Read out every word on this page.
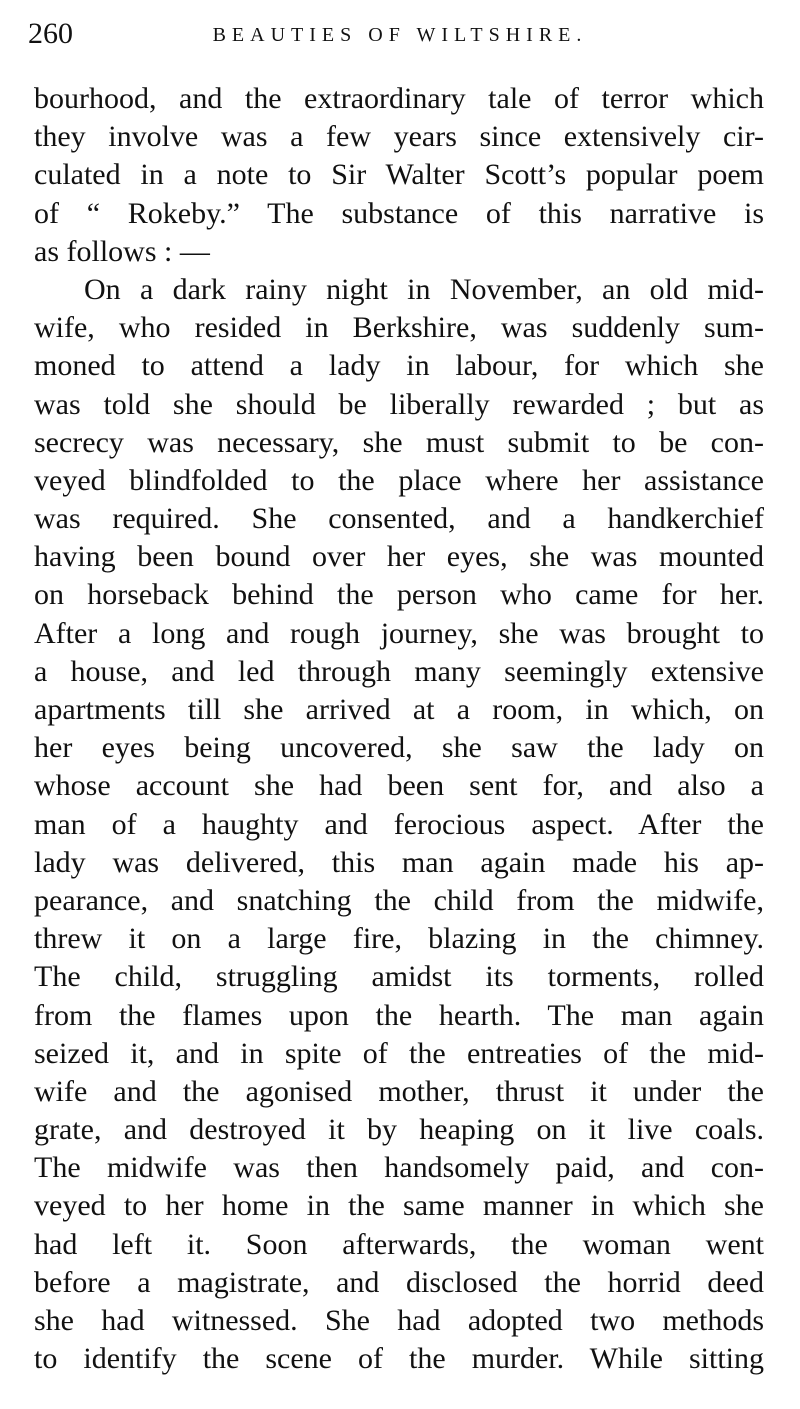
260	BEAUTIES OF WILTSHIRE.
bourhood, and the extraordinary tale of terror which
they involve was a few years since extensively cir-
culated in a note to Sir Walter Scott’s popular poem
of “ Rokeby.” The substance of this narrative is
as follows : —
On a dark rainy night in November, an old mid-
wife, who resided in Berkshire, was suddenly sum-
moned to attend a lady in labour, for which she
was told she should be liberally rewarded ; but as
secrecy was necessary, she must submit to be con-
veyed blindfolded to the place where her assistance
was required. She consented, and a handkerchief
having been bound over her eyes, she was mounted
on horseback behind the person who came for her.
After a long and rough journey, she was brought to
a house, and led through many seemingly extensive
apartments till she arrived at a room, in which, on
her eyes being uncovered, she saw the lady on
whose account she had been sent for, and also a
man of a haughty and ferocious aspect. After the
lady was delivered, this man again made his ap-
pearance, and snatching the child from the midwife,
threw it on a large fire, blazing in the chimney.
The child, struggling amidst its torments, rolled
from the flames upon the hearth. The man again
seized it, and in spite of the entreaties of the mid-
wife and the agonised mother, thrust it under the
grate, and destroyed it by heaping on it live coals.
The midwife was then handsomely paid, and con-
veyed to her home in the same manner in which she
had left it. Soon afterwards, the woman went
before a magistrate, and disclosed the horrid deed
she had witnessed. She had adopted two methods
to identify the scene of the murder. While sitting
